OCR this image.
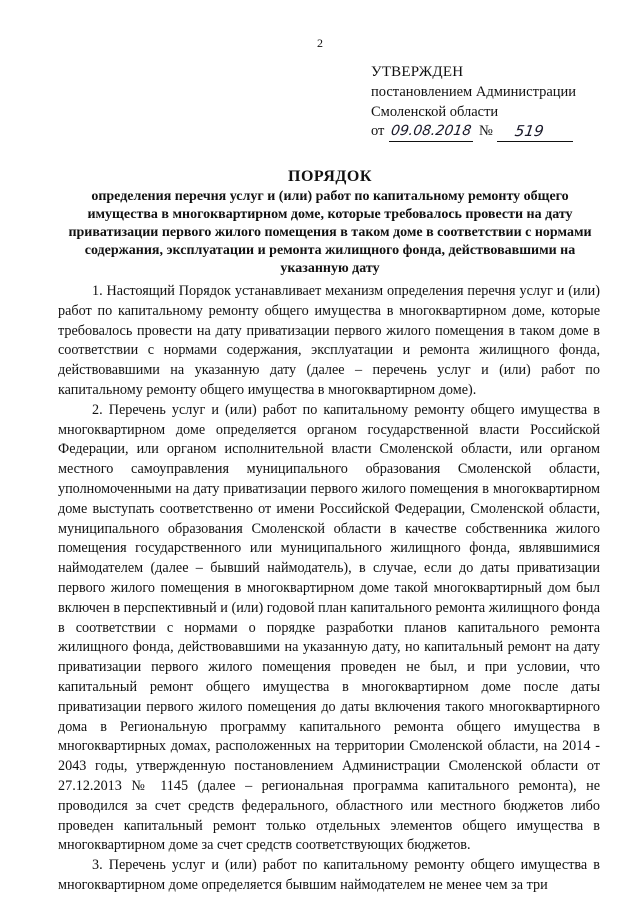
2
УТВЕРЖДЕН
постановлением Администрации
Смоленской области
от 09.08.2018 № 519
ПОРЯДОК
определения перечня услуг и (или) работ по капитальному ремонту общего имущества в многоквартирном доме, которые требовалось провести на дату приватизации первого жилого помещения в таком доме в соответствии с нормами содержания, эксплуатации и ремонта жилищного фонда, действовавшими на указанную дату

1. Настоящий Порядок устанавливает механизм определения перечня услуг и (или) работ по капитальному ремонту общего имущества в многоквартирном доме, которые требовалось провести на дату приватизации первого жилого помещения в таком доме в соответствии с нормами содержания, эксплуатации и ремонта жилищного фонда, действовавшими на указанную дату (далее – перечень услуг и (или) работ по капитальному ремонту общего имущества в многоквартирном доме).

2. Перечень услуг и (или) работ по капитальному ремонту общего имущества в многоквартирном доме определяется органом государственной власти Российской Федерации, или органом исполнительной власти Смоленской области, или органом местного самоуправления муниципального образования Смоленской области, уполномоченными на дату приватизации первого жилого помещения в многоквартирном доме выступать соответственно от имени Российской Федерации, Смоленской области, муниципального образования Смоленской области в качестве собственника жилого помещения государственного или муниципального жилищного фонда, являвшимися наймодателем (далее – бывший наймодатель), в случае, если до даты приватизации первого жилого помещения в многоквартирном доме такой многоквартирный дом был включен в перспективный и (или) годовой план капитального ремонта жилищного фонда в соответствии с нормами о порядке разработки планов капитального ремонта жилищного фонда, действовавшими на указанную дату, но капитальный ремонт на дату приватизации первого жилого помещения проведен не был, и при условии, что капитальный ремонт общего имущества в многоквартирном доме после даты приватизации первого жилого помещения до даты включения такого многоквартирного дома в Региональную программу капитального ремонта общего имущества в многоквартирных домах, расположенных на территории Смоленской области, на 2014 - 2043 годы, утвержденную постановлением Администрации Смоленской области от 27.12.2013 № 1145 (далее – региональная программа капитального ремонта), не проводился за счет средств федерального, областного или местного бюджетов либо проведен капитальный ремонт только отдельных элементов общего имущества в многоквартирном доме за счет средств соответствующих бюджетов.

3. Перечень услуг и (или) работ по капитальному ремонту общего имущества в многоквартирном доме определяется бывшим наймодателем не менее чем за три
